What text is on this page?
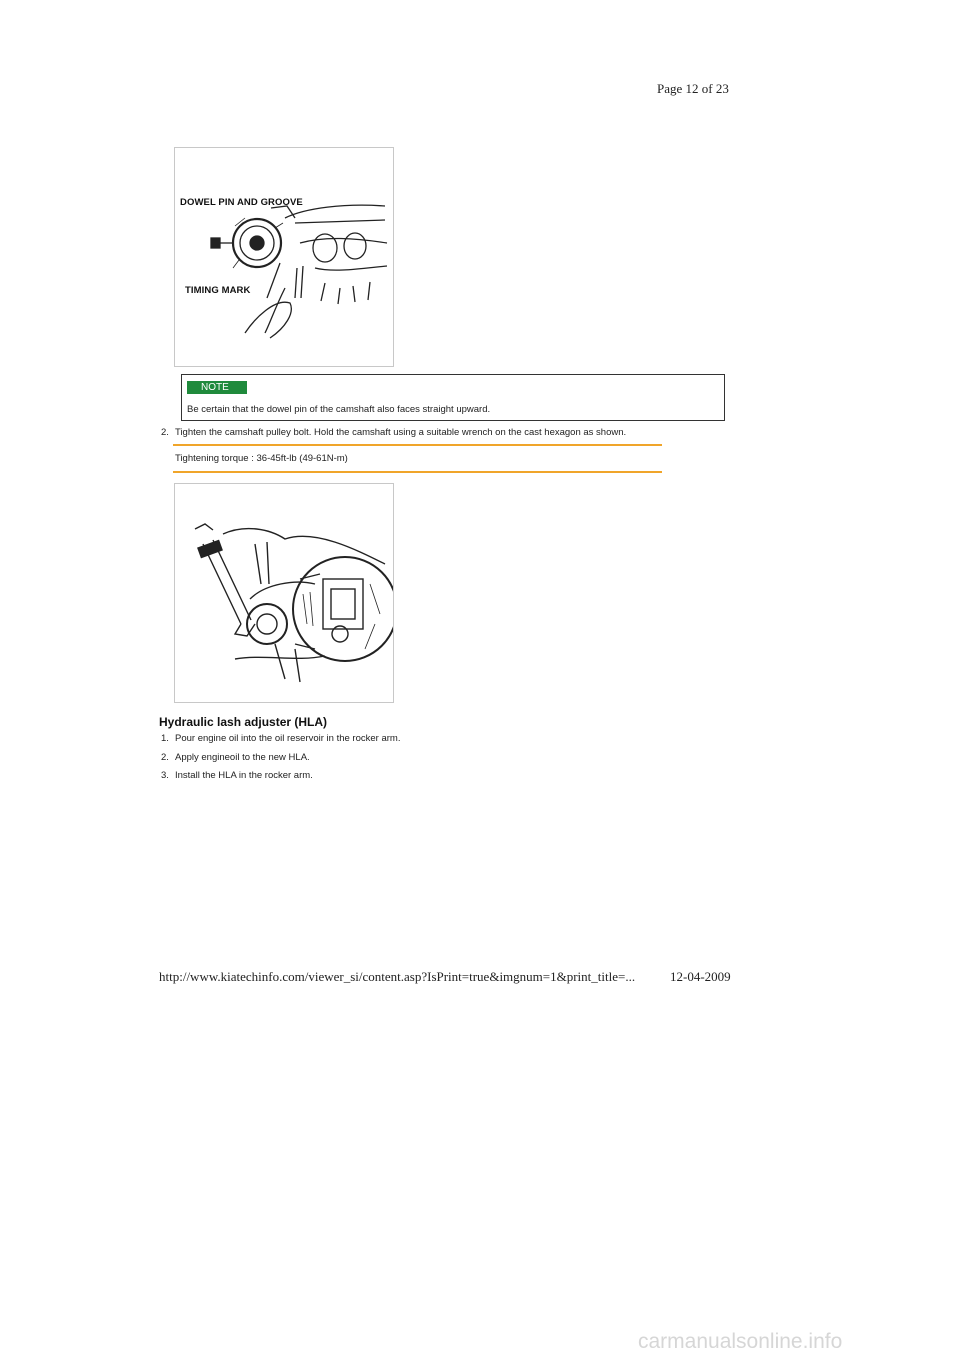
Page 12 of 23
DOWEL PIN AND GROOVE
TIMING MARK
NOTE
Be certain that the dowel pin of the camshaft also faces straight upward.
2. Tighten the camshaft pulley bolt. Hold the camshaft using a suitable wrench on the cast hexagon as shown.
Tightening torque : 36-45ft-lb (49-61N-m)
Hydraulic lash adjuster (HLA)
1. Pour engine oil into the oil reservoir in the rocker arm.
2. Apply engineoil to the new HLA.
3. Install the HLA in the rocker arm.
http://www.kiatechinfo.com/viewer_si/content.asp?IsPrint=true&imgnum=1&print_title=...	12-04-2009
carmanualsonline.info
